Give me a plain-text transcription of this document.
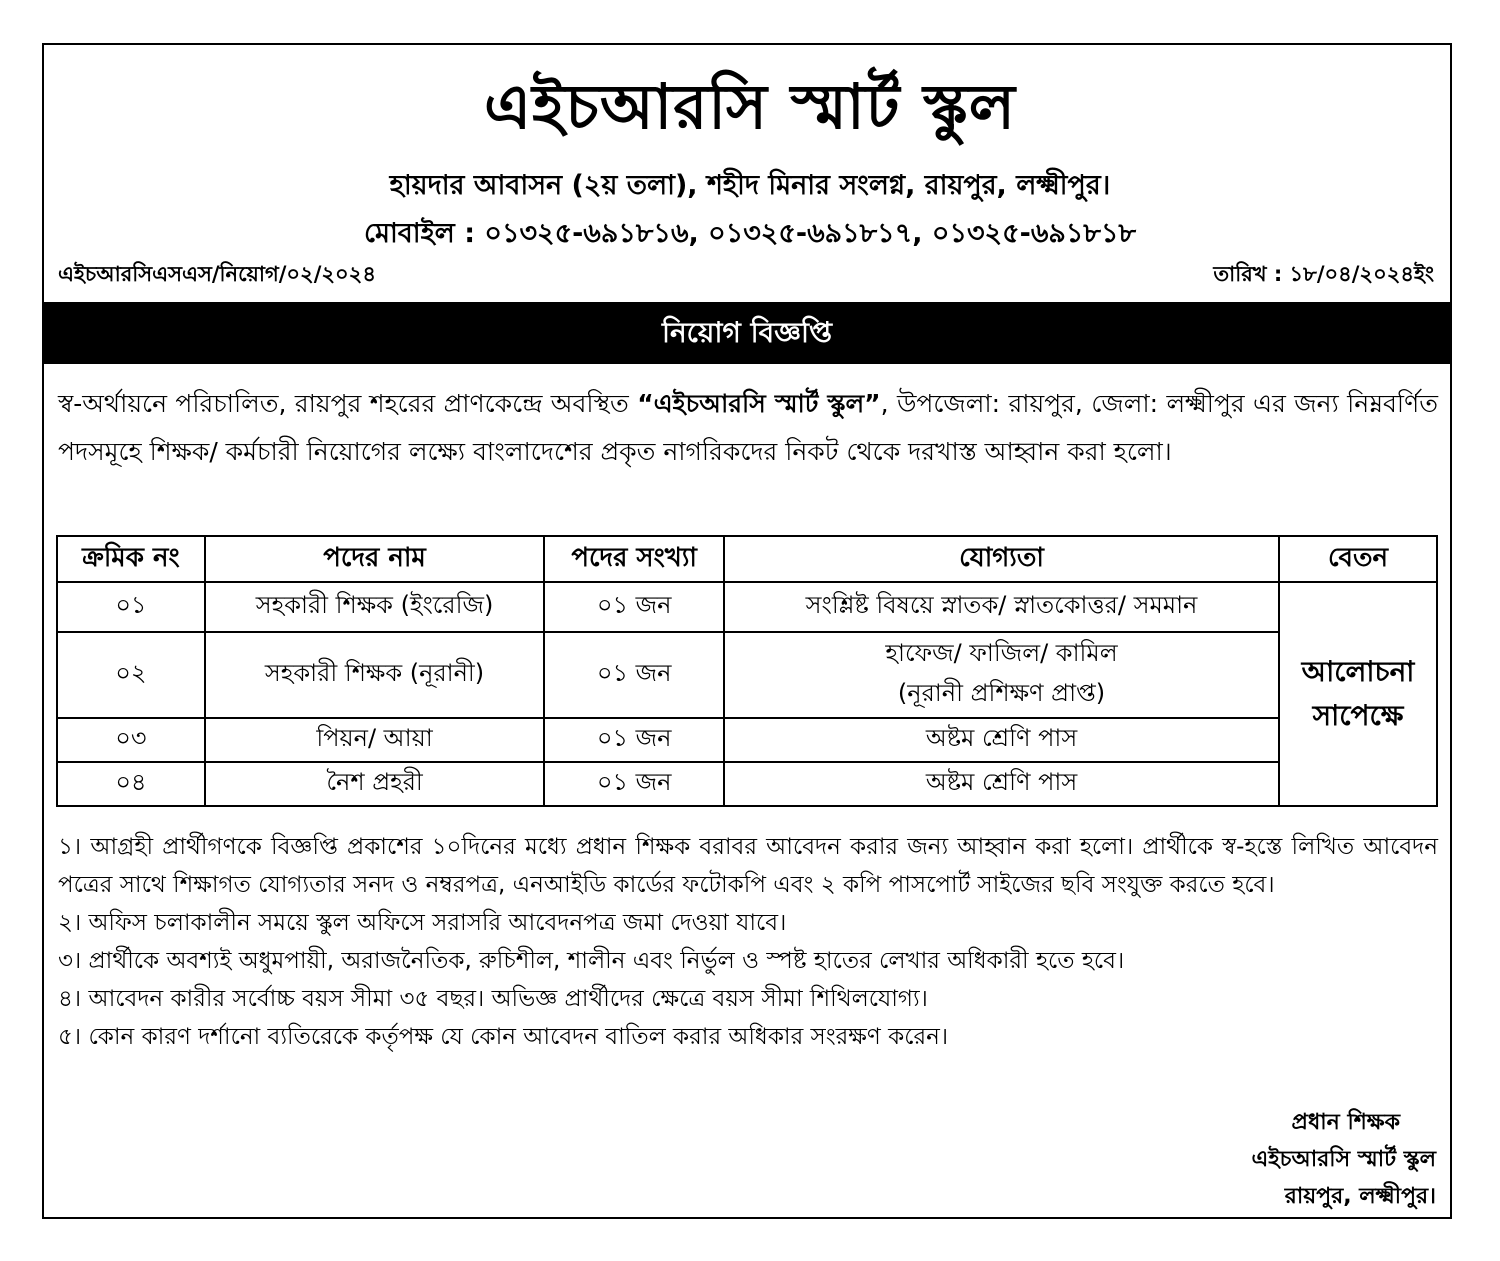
এইচআরসি স্মার্ট স্কুল
হায়দার আবাসন (২য় তলা), শহীদ মিনার সংলগ্ন, রায়পুর, লক্ষ্মীপুর।
মোবাইল : ০১৩২৫-৬৯১৮১৬, ০১৩২৫-৬৯১৮১৭, ০১৩২৫-৬৯১৮১৮
এইচআরসিএসএস/নিয়োগ/০২/২০২৪	তারিখ : ১৮/০৪/২০২৪ইং
নিয়োগ বিজ্ঞপ্তি
স্ব-অর্থায়নে পরিচালিত, রায়পুর শহরের প্রাণকেন্দ্রে অবস্থিত “এইচআরসি স্মার্ট স্কুল”, উপজেলা: রায়পুর, জেলা: লক্ষ্মীপুর এর জন্য নিম্নবর্ণিত পদসমূহে শিক্ষক/ কর্মচারী নিয়োগের লক্ষ্যে বাংলাদেশের প্রকৃত নাগরিকদের নিকট থেকে দরখাস্ত আহ্বান করা হলো।
ক্রমিক নং	পদের নাম	পদের সংখ্যা	যোগ্যতা	বেতন
০১	সহকারী শিক্ষক (ইংরেজি)	০১ জন	সংশ্লিষ্ট বিষয়ে স্নাতক/ স্নাতকোত্তর/ সমমান	আলোচনা
সাপেক্ষে

০২	সহকারী শিক্ষক (নূরানী)	০১ জন	হাফেজ/ ফাজিল/ কামিল
(নূরানী প্রশিক্ষণ প্রাপ্ত)	

০৩	পিয়ন/ আয়া	০১ জন	অষ্টম শ্রেণি পাস	
০৪	নৈশ প্রহরী	০১ জন	অষ্টম শ্রেণি পাস	

১। আগ্রহী প্রার্থীগণকে বিজ্ঞপ্তি প্রকাশের ১০দিনের মধ্যে প্রধান শিক্ষক বরাবর আবেদন করার জন্য আহ্বান করা হলো। প্রার্থীকে স্ব-হস্তে লিখিত আবেদন পত্রের সাথে শিক্ষাগত যোগ্যতার সনদ ও নম্বরপত্র, এনআইডি কার্ডের ফটোকপি এবং ২ কপি পাসপোর্ট সাইজের ছবি সংযুক্ত করতে হবে।

২। অফিস চলাকালীন সময়ে স্কুল অফিসে সরাসরি আবেদনপত্র জমা দেওয়া যাবে।

৩। প্রার্থীকে অবশ্যই অধুমপায়ী, অরাজনৈতিক, রুচিশীল, শালীন এবং নির্ভুল ও স্পষ্ট হাতের লেখার অধিকারী হতে হবে।

৪। আবেদন কারীর সর্বোচ্চ বয়স সীমা ৩৫ বছর। অভিজ্ঞ প্রার্থীদের ক্ষেত্রে বয়স সীমা শিথিলযোগ্য।

৫। কোন কারণ দর্শানো ব্যতিরেকে কর্তৃপক্ষ যে কোন আবেদন বাতিল করার অধিকার সংরক্ষণ করেন।

প্রধান শিক্ষক
এইচআরসি স্মার্ট স্কুল
রায়পুর, লক্ষ্মীপুর।
